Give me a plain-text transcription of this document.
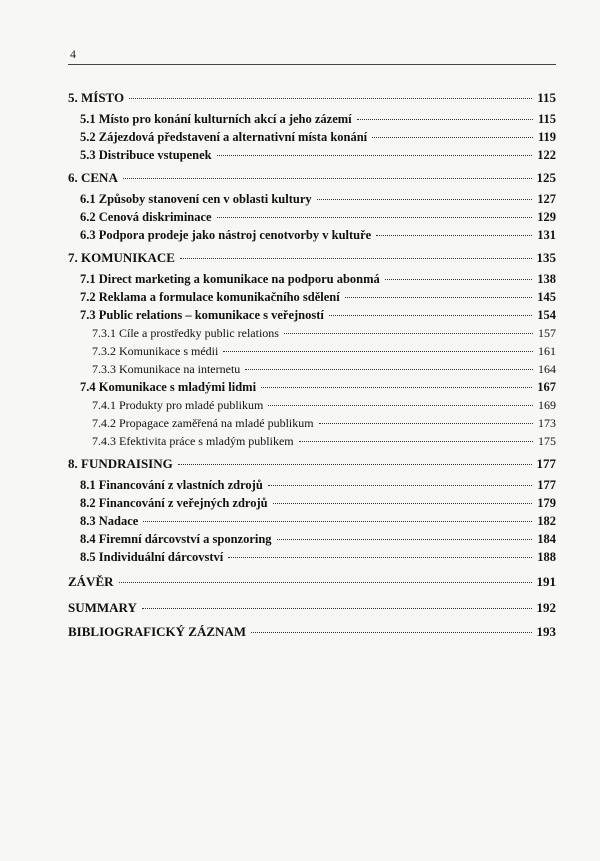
4
5. MÍSTO	115
5.1 Místo pro konání kulturních akcí a jeho zázemí	115
5.2 Zájezdová představení a alternativní místa konání	119
5.3 Distribuce vstupenek	122
6. CENA	125
6.1 Způsoby stanovení cen v oblasti kultury	127
6.2 Cenová diskriminace	129
6.3 Podpora prodeje jako nástroj cenotvorby v kultuře	131
7. KOMUNIKACE	135
7.1 Direct marketing a komunikace na podporu abonmá	138
7.2 Reklama a formulace komunikačního sdělení	145
7.3 Public relations – komunikace s veřejností	154
7.3.1 Cíle a prostředky public relations	157
7.3.2 Komunikace s médii	161
7.3.3 Komunikace na internetu	164
7.4 Komunikace s mladými lidmi	167
7.4.1 Produkty pro mladé publikum	169
7.4.2 Propagace zaměřená na mladé publikum	173
7.4.3 Efektivita práce s mladým publikem	175
8. FUNDRAISING	177
8.1 Financování z vlastních zdrojů	177
8.2 Financování z veřejných zdrojů	179
8.3 Nadace	182
8.4 Firemní dárcovství a sponzoring	184
8.5 Individuální dárcovství	188
ZÁVĚR	191
SUMMARY	192
BIBLIOGRAFICKÝ ZÁZNAM	193
